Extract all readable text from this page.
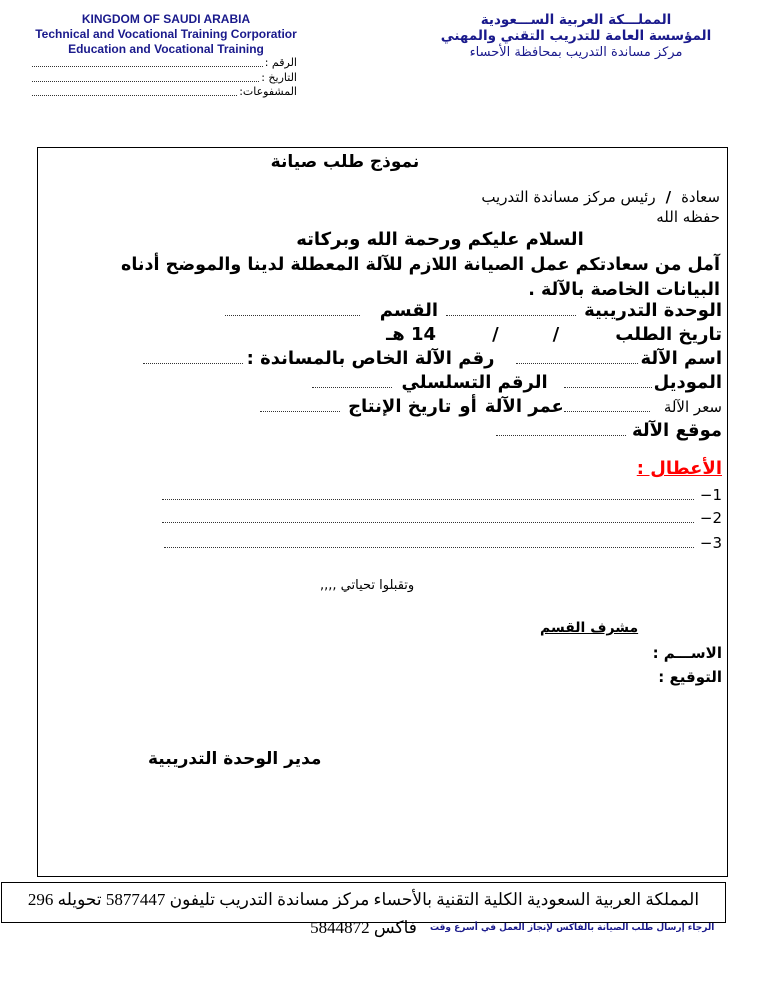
KINGDOM OF SAUDI ARABIA
Technical and Vocational Training Corporatior
Education and Vocational Training
الرقم :
التاريخ :
المشفوعات:
المملـــكة العربية الســـعودية
المؤسسة العامة للتدريب التقني والمهني
مركز مساندة التدريب بمحافظة الأحساء
نموذج طلب صيانة
سعادة/رئيس مركز مساندة التدريب
حفظه الله
السلام عليكم ورحمة الله وبركاته
آمل من سعادتكم عمل الصيانة اللازم للآلة المعطلة لدينا والموضح أدناه البيانات الخاصة بالآلة .
الوحدة التدريبية
القسم
تاريخ الطلب
/
/
14 هـ
اسم الآلة
رقم الآلة الخاص بالمساندة :
الموديل
الرقم التسلسلي
سعر الآلة
عمر الآلة
أو
تاريخ الإنتاج
موقع الآلة
الأعطال :
1−
2−
3−
وتقبلوا تحياتي ,,,,
مشرف القسم
الاســـم :
التوقيع :
مدير الوحدة التدريبية
المملكة العربية السعودية الكلية التقنية بالأحساء مركز مساندة التدريب تليفون 5877447 تحويله 296 فاكس 5844872	الرجاء إرسال طلب الصيانة بالفاكس لإنجاز العمل في أسرع وقت
